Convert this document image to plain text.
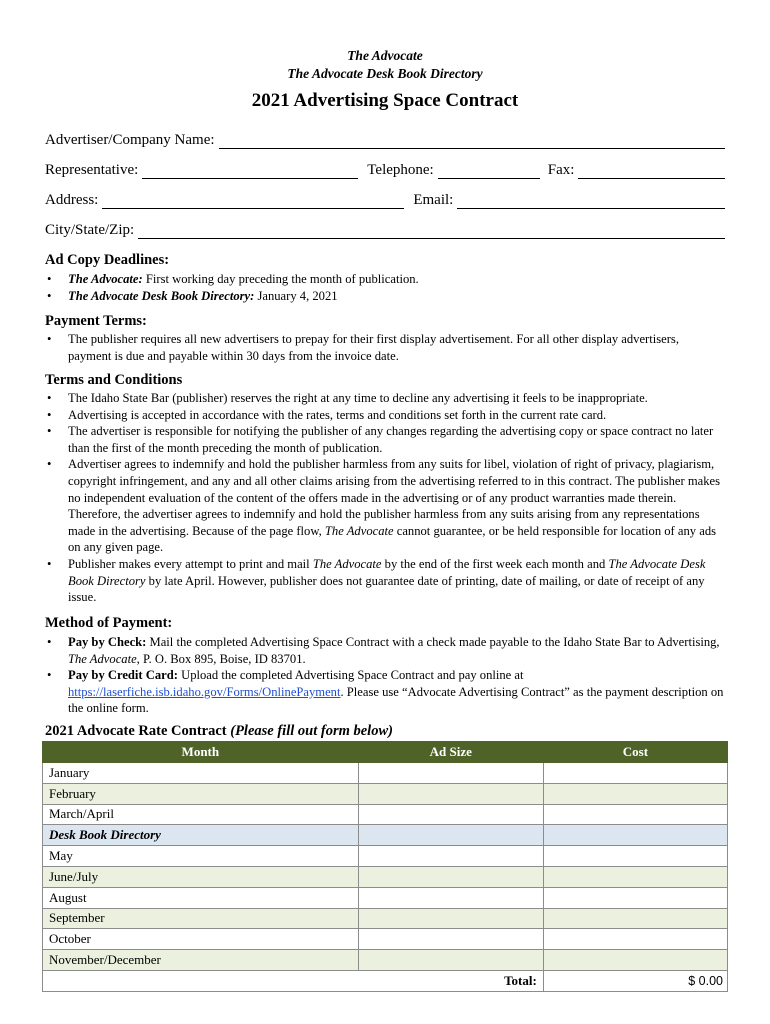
The Advocate
The Advocate Desk Book Directory
2021 Advertising Space Contract
Advertiser/Company Name:
Representative:	Telephone:	Fax:
Address:	Email:
City/State/Zip:
Ad Copy Deadlines:
• The Advocate: First working day preceding the month of publication.
• The Advocate Desk Book Directory: January 4, 2021
Payment Terms:
• The publisher requires all new advertisers to prepay for their first display advertisement. For all other display advertisers, payment is due and payable within 30 days from the invoice date.
Terms and Conditions
• The Idaho State Bar (publisher) reserves the right at any time to decline any advertising it feels to be inappropriate.
• Advertising is accepted in accordance with the rates, terms and conditions set forth in the current rate card.
• The advertiser is responsible for notifying the publisher of any changes regarding the advertising copy or space contract no later than the first of the month preceding the month of publication.
• Advertiser agrees to indemnify and hold the publisher harmless from any suits for libel, violation of right of privacy, plagiarism, copyright infringement, and any and all other claims arising from the advertising referred to in this contract. The publisher makes no independent evaluation of the content of the offers made in the advertising or of any product warranties made therein. Therefore, the advertiser agrees to indemnify and hold the publisher harmless from any suits arising from any representations made in the advertising. Because of the page flow, The Advocate cannot guarantee, or be held responsible for location of any ads on any given page.
• Publisher makes every attempt to print and mail The Advocate by the end of the first week each month and The Advocate Desk Book Directory by late April. However, publisher does not guarantee date of printing, date of mailing, or date of receipt of any issue.
Method of Payment:
• Pay by Check: Mail the completed Advertising Space Contract with a check made payable to the Idaho State Bar to Advertising, The Advocate, P. O. Box 895, Boise, ID 83701.
• Pay by Credit Card: Upload the completed Advertising Space Contract and pay online at https://laserfiche.isb.idaho.gov/Forms/OnlinePayment. Please use “Advocate Advertising Contract” as the payment description on the online form.
2021 Advocate Rate Contract (Please fill out form below)
Month	Ad Size	Cost
January		
February		
March/April		
Desk Book Directory		
May		
June/July		
August		
September		
October		
November/December		
Total:		$ 0.00
